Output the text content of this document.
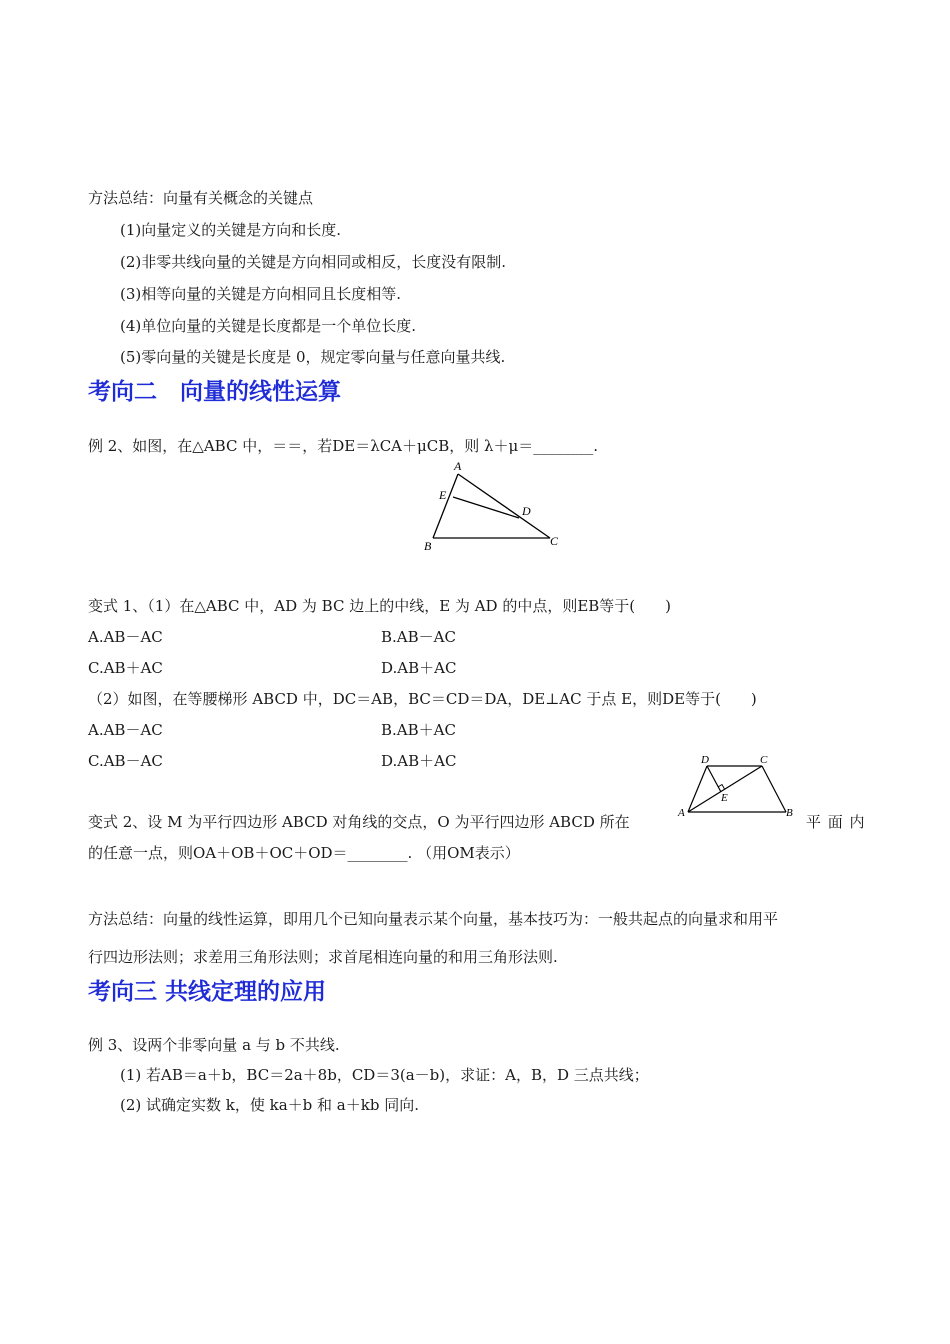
方法总结：向量有关概念的关键点
(1)向量定义的关键是方向和长度.
(2)非零共线向量的关键是方向相同或相反，长度没有限制.
(3)相等向量的关键是方向相同且长度相等.
(4)单位向量的关键是长度都是一个单位长度.
(5)零向量的关键是长度是 0，规定零向量与任意向量共线.
考向二　向量的线性运算
例 2、如图，在△ABC 中，＝＝，若DE＝λCA＋μCB，则 λ＋μ＝________.
A
E
D
B	C
变式 1、（1）在△ABC 中，AD 为 BC 边上的中线，E 为 AD 的中点，则EB等于(　　)
A.AB－AC	B.AB－AC
C.AB＋AC	D.AB＋AC
（2）如图，在等腰梯形 ABCD 中，DC＝AB，BC＝CD＝DA，DE⊥AC 于点 E，则DE等于(　　)
A.AB－AC	B.AB＋AC
C.AB－AC	D.AB＋AC	D	C
E
A	B
变式 2、设 M 为平行四边形 ABCD 对角线的交点，O 为平行四边形 ABCD 所在	平 面 内
的任意一点，则OA＋OB＋OC＋OD＝________. （用OM表示）
方法总结：向量的线性运算，即用几个已知向量表示某个向量，基本技巧为：一般共起点的向量求和用平
行四边形法则；求差用三角形法则；求首尾相连向量的和用三角形法则.
考向三 共线定理的应用
例 3、设两个非零向量 a 与 b 不共线.
(1) 若AB＝a＋b，BC＝2a＋8b，CD＝3(a－b)，求证：A，B，D 三点共线；
(2) 试确定实数 k，使 ka＋b 和 a＋kb 同向.
